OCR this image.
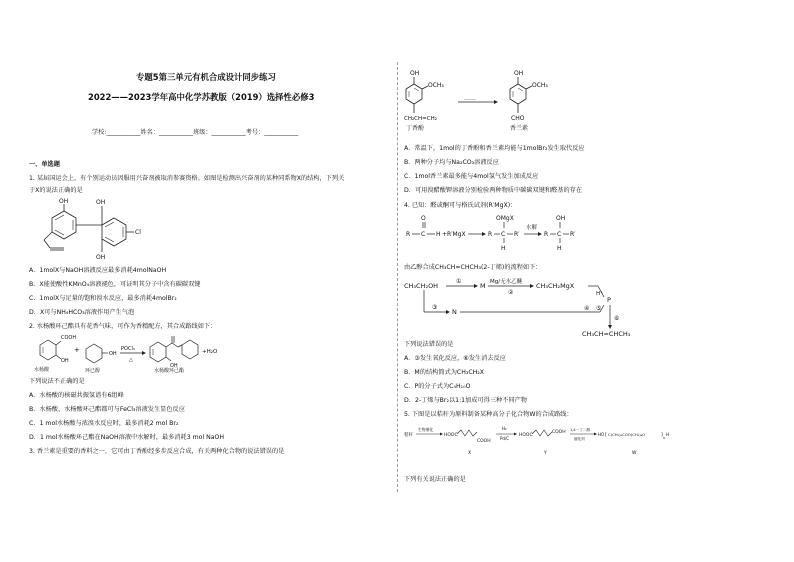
专题5第三单元有机合成设计同步练习
2022——2023学年高中化学苏教版（2019）选择性必修3
学校:___________姓名：___________班级：___________考号：___________
一、单选题
1. 某届国运会上，有个别运动员因服用兴奋剂被取消参赛资格。如图是检测出兴奋剂的某种同系物X的结构，下列关
于X的说法正确的是
OH	OH
OH
Cl
A．1molX与NaOH溶液反应最多消耗4molNaOH
B．X能使酸性KMnO₄溶液褪色，可证明其分子中含有碳碳双键
C．1molX与足量的饱和溴水反应，最多消耗4molBr₂
D．X可与NH₄HCO₃溶液作用产生气泡
2. 水杨酸环己酯具有花香气味，可作为香精配方，其合成路线如下：
COOH
OH
水杨酸
+	OH
环已醇
POCl₃
△
OH
水杨酸环己酯
+H₂O
下列说法不正确的是
A．水杨酸的核磁共振氢谱有6组峰
B．水杨酸、水杨酸环己酯都可与FeCl₃溶液发生显色反应
C．1 mol水杨酸与浓溴水反应时，最多消耗2 mol Br₂
D．1 mol水杨酸环己酯在NaOH溶液中水解时，最多消耗3 mol NaOH
3. 香兰素是重要的香料之一，它可由丁香酚经多步反应合成，有关两种化合物的说法错误的是
OH
OCH₃
CH₂CH=CH₂
丁香酚
……
OH
OCH₃
CHO
香兰素
A．常温下，1mol的丁香酚和香兰素均能与1molBr₂发生取代反应
B．两种分子均与Na₂CO₃溶液反应
C．1mol香兰素最多能与4mol氢气发生加成反应
D．可用溴醋酸钾溶液分别检验两种物质中碳碳双键和醛基的存在
4. 已知：醛或酮可与格氏试剂(R′MgX)：
R C
O
H +R′MgX	R C
OMgX
H
R′
水解
R C
OH
H
R′
由乙醇合成CH₃CH=CHCH₃(2-丁烯)的流程如下：
CH₃CH₂OH
①
M Mg/无水乙醚
②
CH₃CH₂MgX
H⁺
P
③
N	④ ⑤
⑥
CH₃CH=CHCH₃
下列说法错误的是
A．③发生氧化反应，⑥发生消去反应
B．M的结构简式为CH₃CH₂X
C．P的分子式为C₄H₁₀O
D．2-丁烯与Br₂以1:1加成可得三种不同产物
5. 下图是以秸秆为原料制备某种高分子化合物W的合成路线：
秸秆
生物催化
HOOC
COOH
X
H₂
Pd/C
HOOC
COOH
Y
1,4－丁二醇
催化剂
HO [ C(CH₂)₄COO(CH₂)₄O	] n
H
W
下列有关说法正确的是
